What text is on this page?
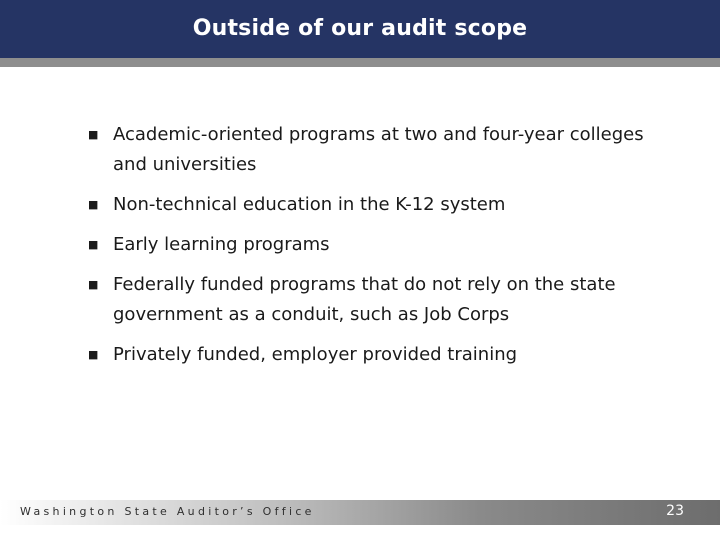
Outside of our audit scope
■ Academic-oriented programs at two and four-year colleges and universities
■ Non-technical education in the K-12 system
■ Early learning programs
■ Federally funded programs that do not rely on the state government as a conduit, such as Job Corps
■ Privately funded, employer provided training
Washington State Auditor’s Office	23
